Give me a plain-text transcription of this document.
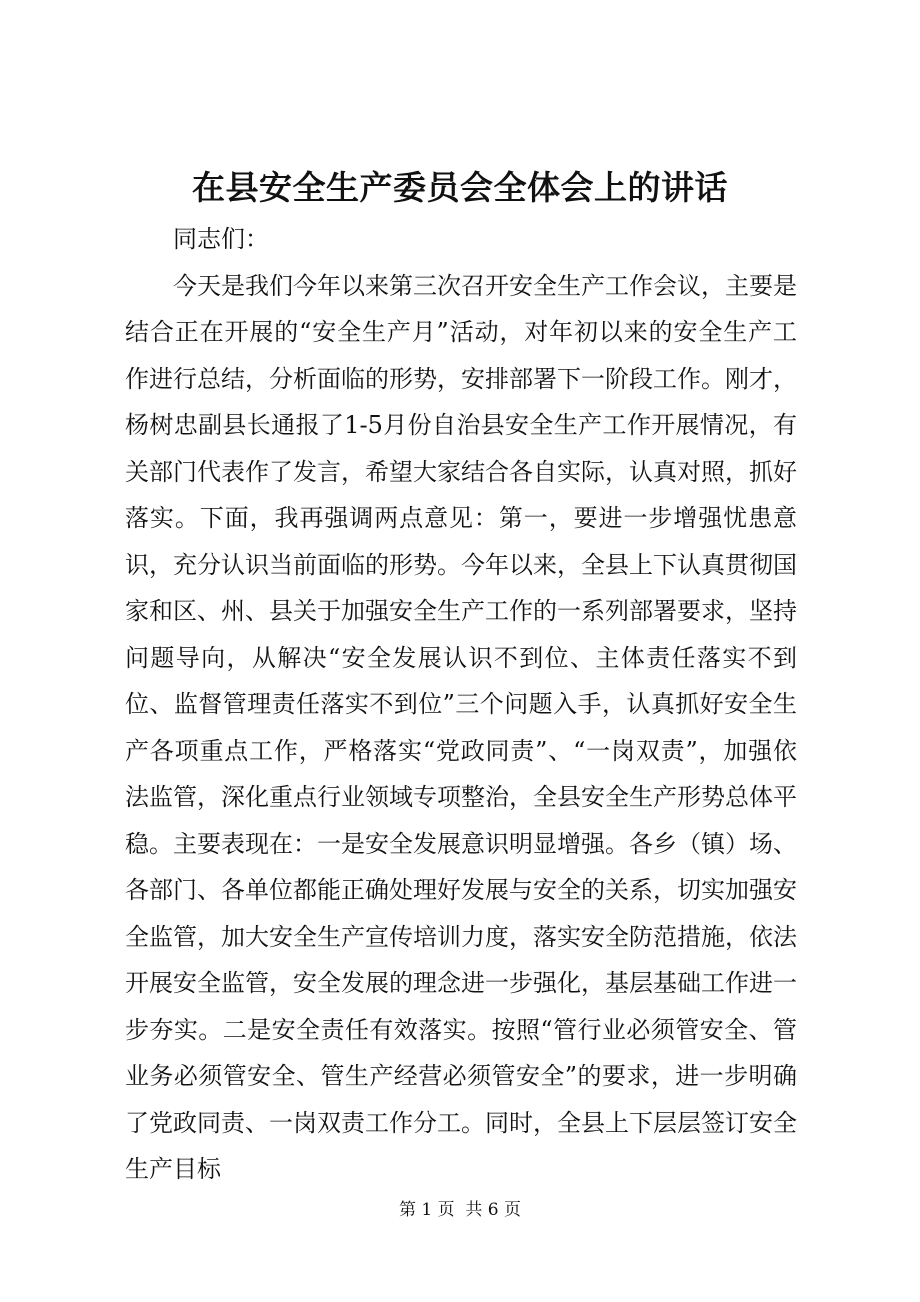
在县安全生产委员会全体会上的讲话

同志们：

今天是我们今年以来第三次召开安全生产工作会议，主要是结合正在开展的“安全生产月”活动，对年初以来的安全生产工作进行总结，分析面临的形势，安排部署下一阶段工作。刚才，杨树忠副县长通报了1-5月份自治县安全生产工作开展情况，有关部门代表作了发言，希望大家结合各自实际，认真对照，抓好落实。下面，我再强调两点意见：第一，要进一步增强忧患意识，充分认识当前面临的形势。今年以来，全县上下认真贯彻国家和区、州、县关于加强安全生产工作的一系列部署要求，坚持问题导向，从解决“安全发展认识不到位、主体责任落实不到位、监督管理责任落实不到位”三个问题入手，认真抓好安全生产各项重点工作，严格落实“党政同责”、“一岗双责”，加强依法监管，深化重点行业领域专项整治，全县安全生产形势总体平稳。主要表现在：一是安全发展意识明显增强。各乡（镇）场、各部门、各单位都能正确处理好发展与安全的关系，切实加强安全监管，加大安全生产宣传培训力度，落实安全防范措施，依法开展安全监管，安全发展的理念进一步强化，基层基础工作进一步夯实。二是安全责任有效落实。按照“管行业必须管安全、管业务必须管安全、管生产经营必须管安全”的要求，进一步明确了党政同责、一岗双责工作分工。同时，全县上下层层签订安全生产目标

第 1 页  共 6 页
